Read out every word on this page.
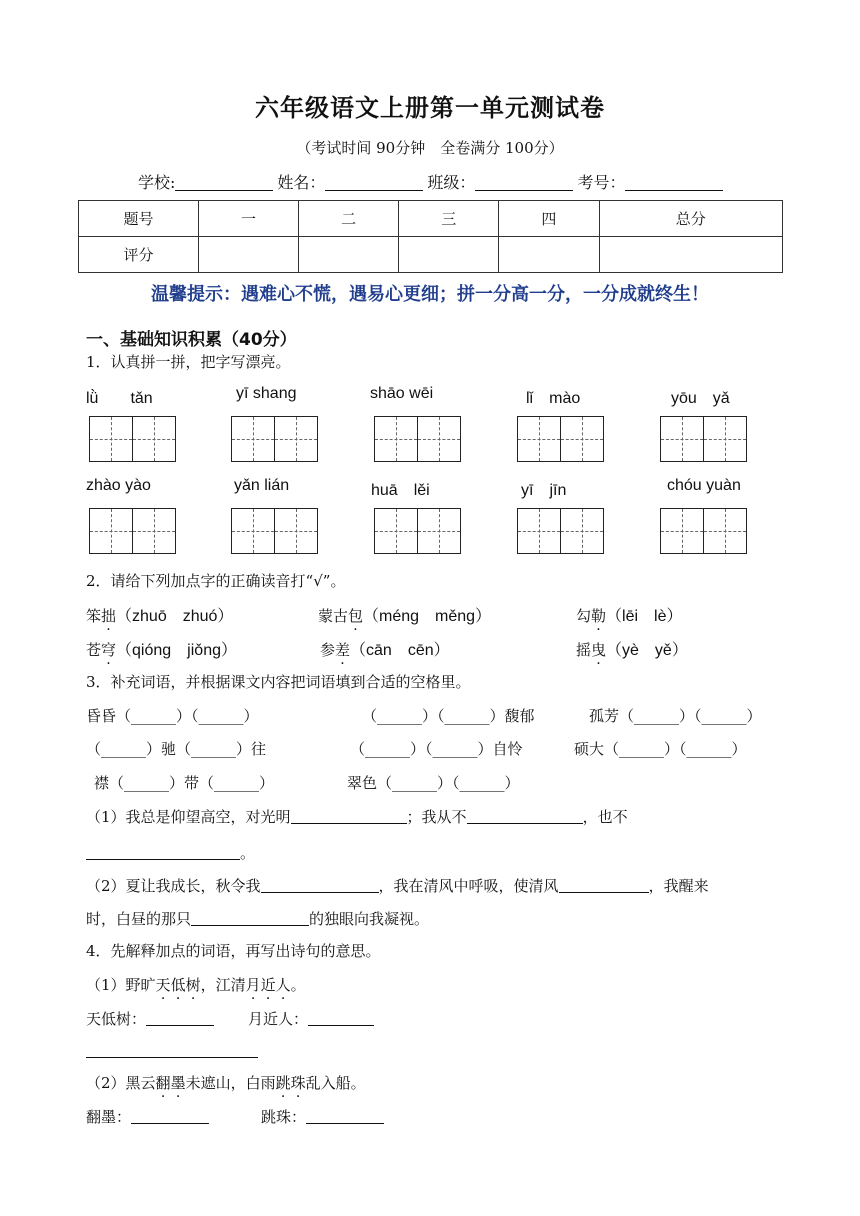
六年级语文上册第一单元测试卷
（考试时间 90分钟　全卷满分 100分）
学校:	姓名：	班级：	考号：
题号	一	二	三	四	总分
评分					
温馨提示：遇难心不慌，遇易心更细；拼一分高一分，一分成就终生！
一、基础知识积累（40分）
1．认真拼一拼，把字写漂亮。
lǜ　　tǎn	yī shang	shāo wēi	lǐ　mào	yōu　yǎ
zhào yào	yǎn lián	huā　lěi	yī　jīn	chóu yuàn
2．请给下列加点字的正确读音打“√”。
笨拙（zhuō　zhuó）	蒙古包（méng　měng）	勾勒（lēi　lè）
苍穹（qióng　jiǒng）	参差（cān　cēn）	摇曳（yè　yě）
3．补充词语，并根据课文内容把词语填到合适的空格里。
昏昏（______）（______）	（______）（______）馥郁	孤芳（______）（______）
（______）驰（______）往	（______）（______）自怜	硕大（______）（______）
襟（______）带（______）	翠色（______）（______）
（1）我总是仰望高空，对光明	；我从不	，也不
。
（2）夏让我成长，秋令我	，我在清风中呼吸，使清风	，我醒来
时，白昼的那只	的独眼向我凝视。
4．先解释加点的词语，再写出诗句的意思。
（1）野旷天低树，江清月近人。
天低树：	月近人：
（2）黑云翻墨未遮山，白雨跳珠乱入船。
翻墨：	跳珠：
